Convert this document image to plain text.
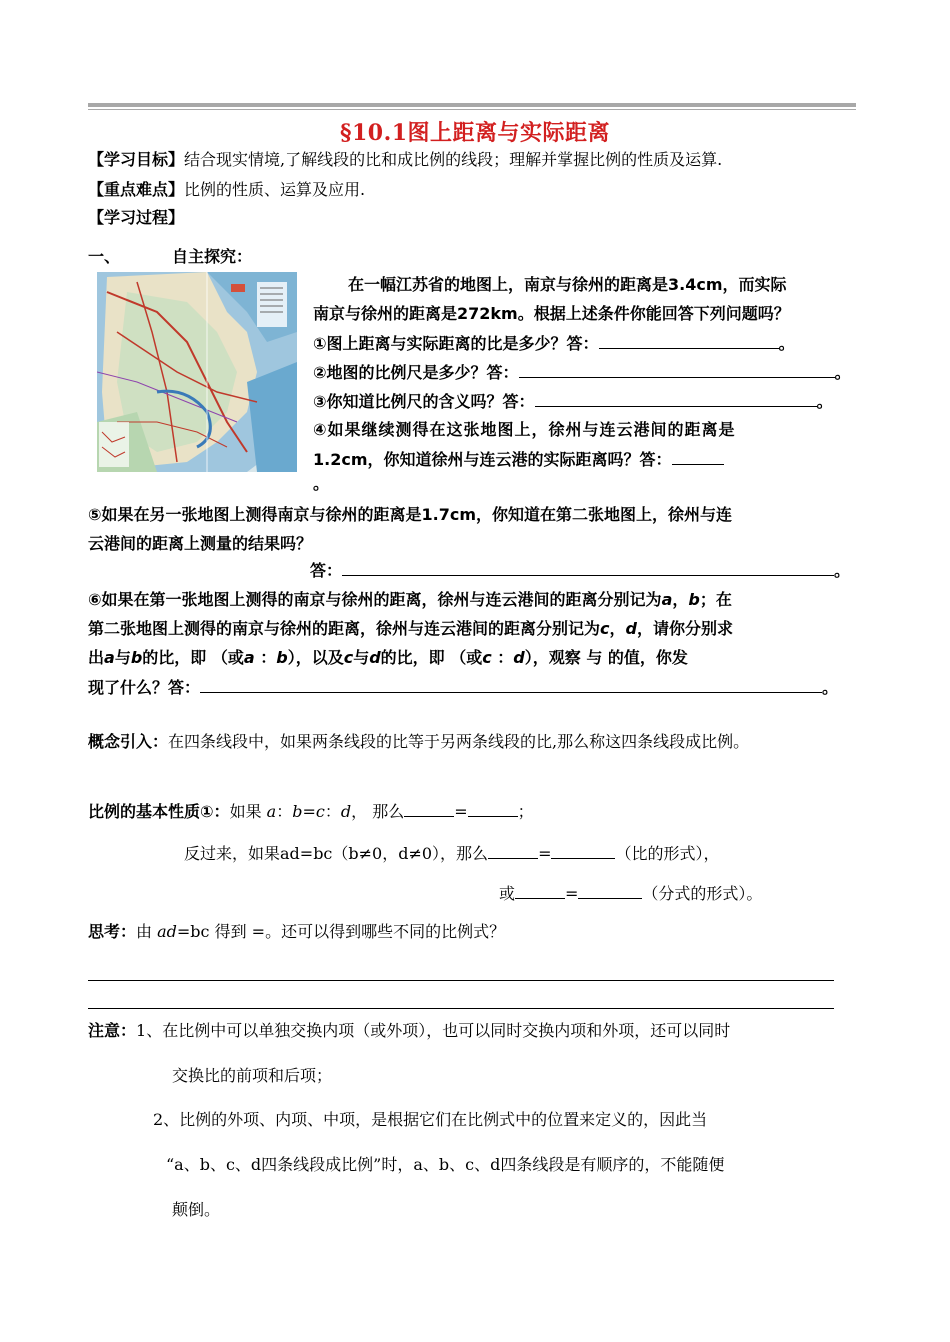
§10.1图上距离与实际距离
【学习目标】结合现实情境,了解线段的比和成比例的线段；理解并掌握比例的性质及运算.
【重点难点】比例的性质、运算及应用.
【学习过程】
一、	自主探究：
在一幅江苏省的地图上，南京与徐州的距离是3.4cm，而实际
南京与徐州的距离是272km。根据上述条件你能回答下列问题吗？
①图上距离与实际距离的比是多少？答：	。
②地图的比例尺是多少？答：	。
③你知道比例尺的含义吗？答：	。
④如果继续测得在这张地图上，徐州与连云港间的距离是
1.2cm，你知道徐州与连云港的实际距离吗？答：
。
⑤如果在另一张地图上测得南京与徐州的距离是1.7cm，你知道在第二张地图上，徐州与连
云港间的距离上测量的结果吗？
答：	。
⑥如果在第一张地图上测得的南京与徐州的距离，徐州与连云港间的距离分别记为a，b；在
第二张地图上测得的南京与徐州的距离，徐州与连云港间的距离分别记为c，d，请你分别求
出a与b的比，即 （或a ：b），以及c与d的比，即 （或c ：d），观察 与 的值，你发
现了什么？答：	。
概念引入：在四条线段中，如果两条线段的比等于另两条线段的比,那么称这四条线段成比例。
比例的基本性质①：如果 a：b=c：d， 那么	=	；
反过来，如果ad=bc（b≠0，d≠0），那么	=	（比的形式），
或	=	（分式的形式）。
思考：由 ad=bc 得到 =。还可以得到哪些不同的比例式？
注意：1、在比例中可以单独交换内项（或外项），也可以同时交换内项和外项，还可以同时
交换比的前项和后项；
2、比例的外项、内项、中项，是根据它们在比例式中的位置来定义的，因此当
“a、b、c、d四条线段成比例”时，a、b、c、d四条线段是有顺序的，不能随便
颠倒。
